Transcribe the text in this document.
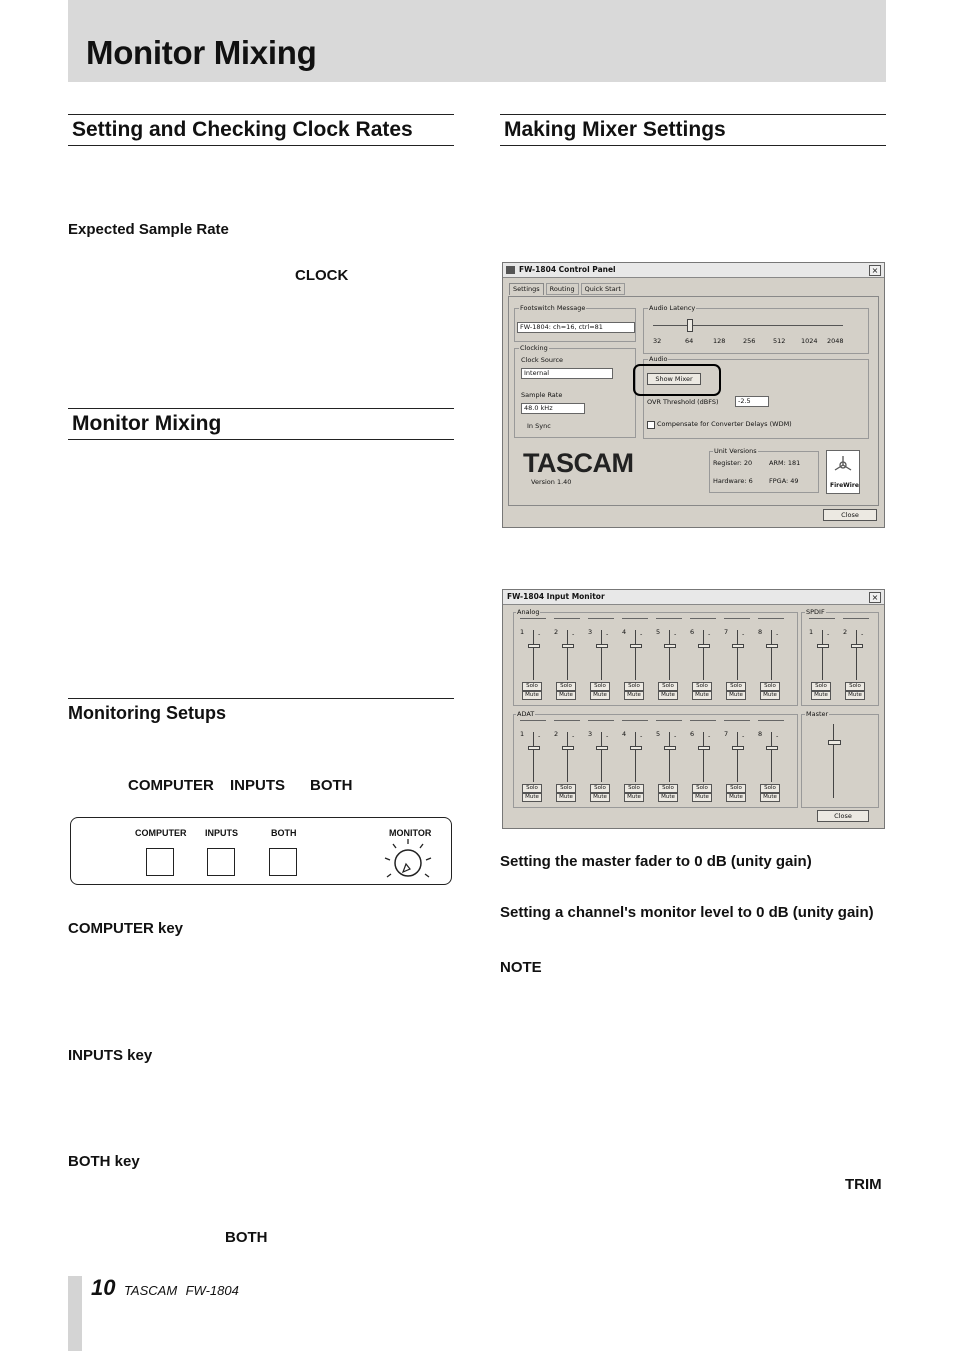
Monitor Mixing
Setting and Checking Clock Rates
Expected Sample Rate
CLOCK
Monitor Mixing
Monitoring Setups
COMPUTER INPUTS BOTH
COMPUTER INPUTS	BOTH	MONITOR
COMPUTER key
INPUTS key
BOTH key
BOTH
Making Mixer Settings
FW-1804 Control Panel	×
Settings	Routing	Quick Start
Footswitch Message
FW-1804: ch=16, ctrl=81
Clocking
Clock Source
Internal
Sample Rate
48.0 kHz
In Sync
Audio Latency
32	64	128	256	512 1024 2048
Audio
Show Mixer
OVR Threshold (dBFS)	-2.5
Compensate for Converter Delays (WDM)
TASCAM
Version 1.40
Unit Versions
Register: 20	ARM: 181
Hardware: 6 FPGA: 49
FireWire
Close
FW-1804 Input Monitor	×
Analog	SPDIF
ADAT	Master
1 -
Solo
Mute
2 -
Solo
Mute
3 -
Solo
Mute
4 -
Solo
Mute
5 -
Solo
Mute
6 -
Solo
Mute
7 -
Solo
Mute
8 -
Solo
Mute
1 -
Solo
Mute
2 -
Solo
Mute
1 -
Solo
Mute
2 -
Solo
Mute
3 -
Solo
Mute
4 -
Solo
Mute
5 -
Solo
Mute
6 -
Solo
Mute
7 -
Solo
Mute
8 -
Solo
Mute
Close
Setting the master fader to 0 dB (unity gain)
Setting a channel's monitor level to 0 dB (unity gain)
NOTE
TRIM
10 TASCAM FW-1804
